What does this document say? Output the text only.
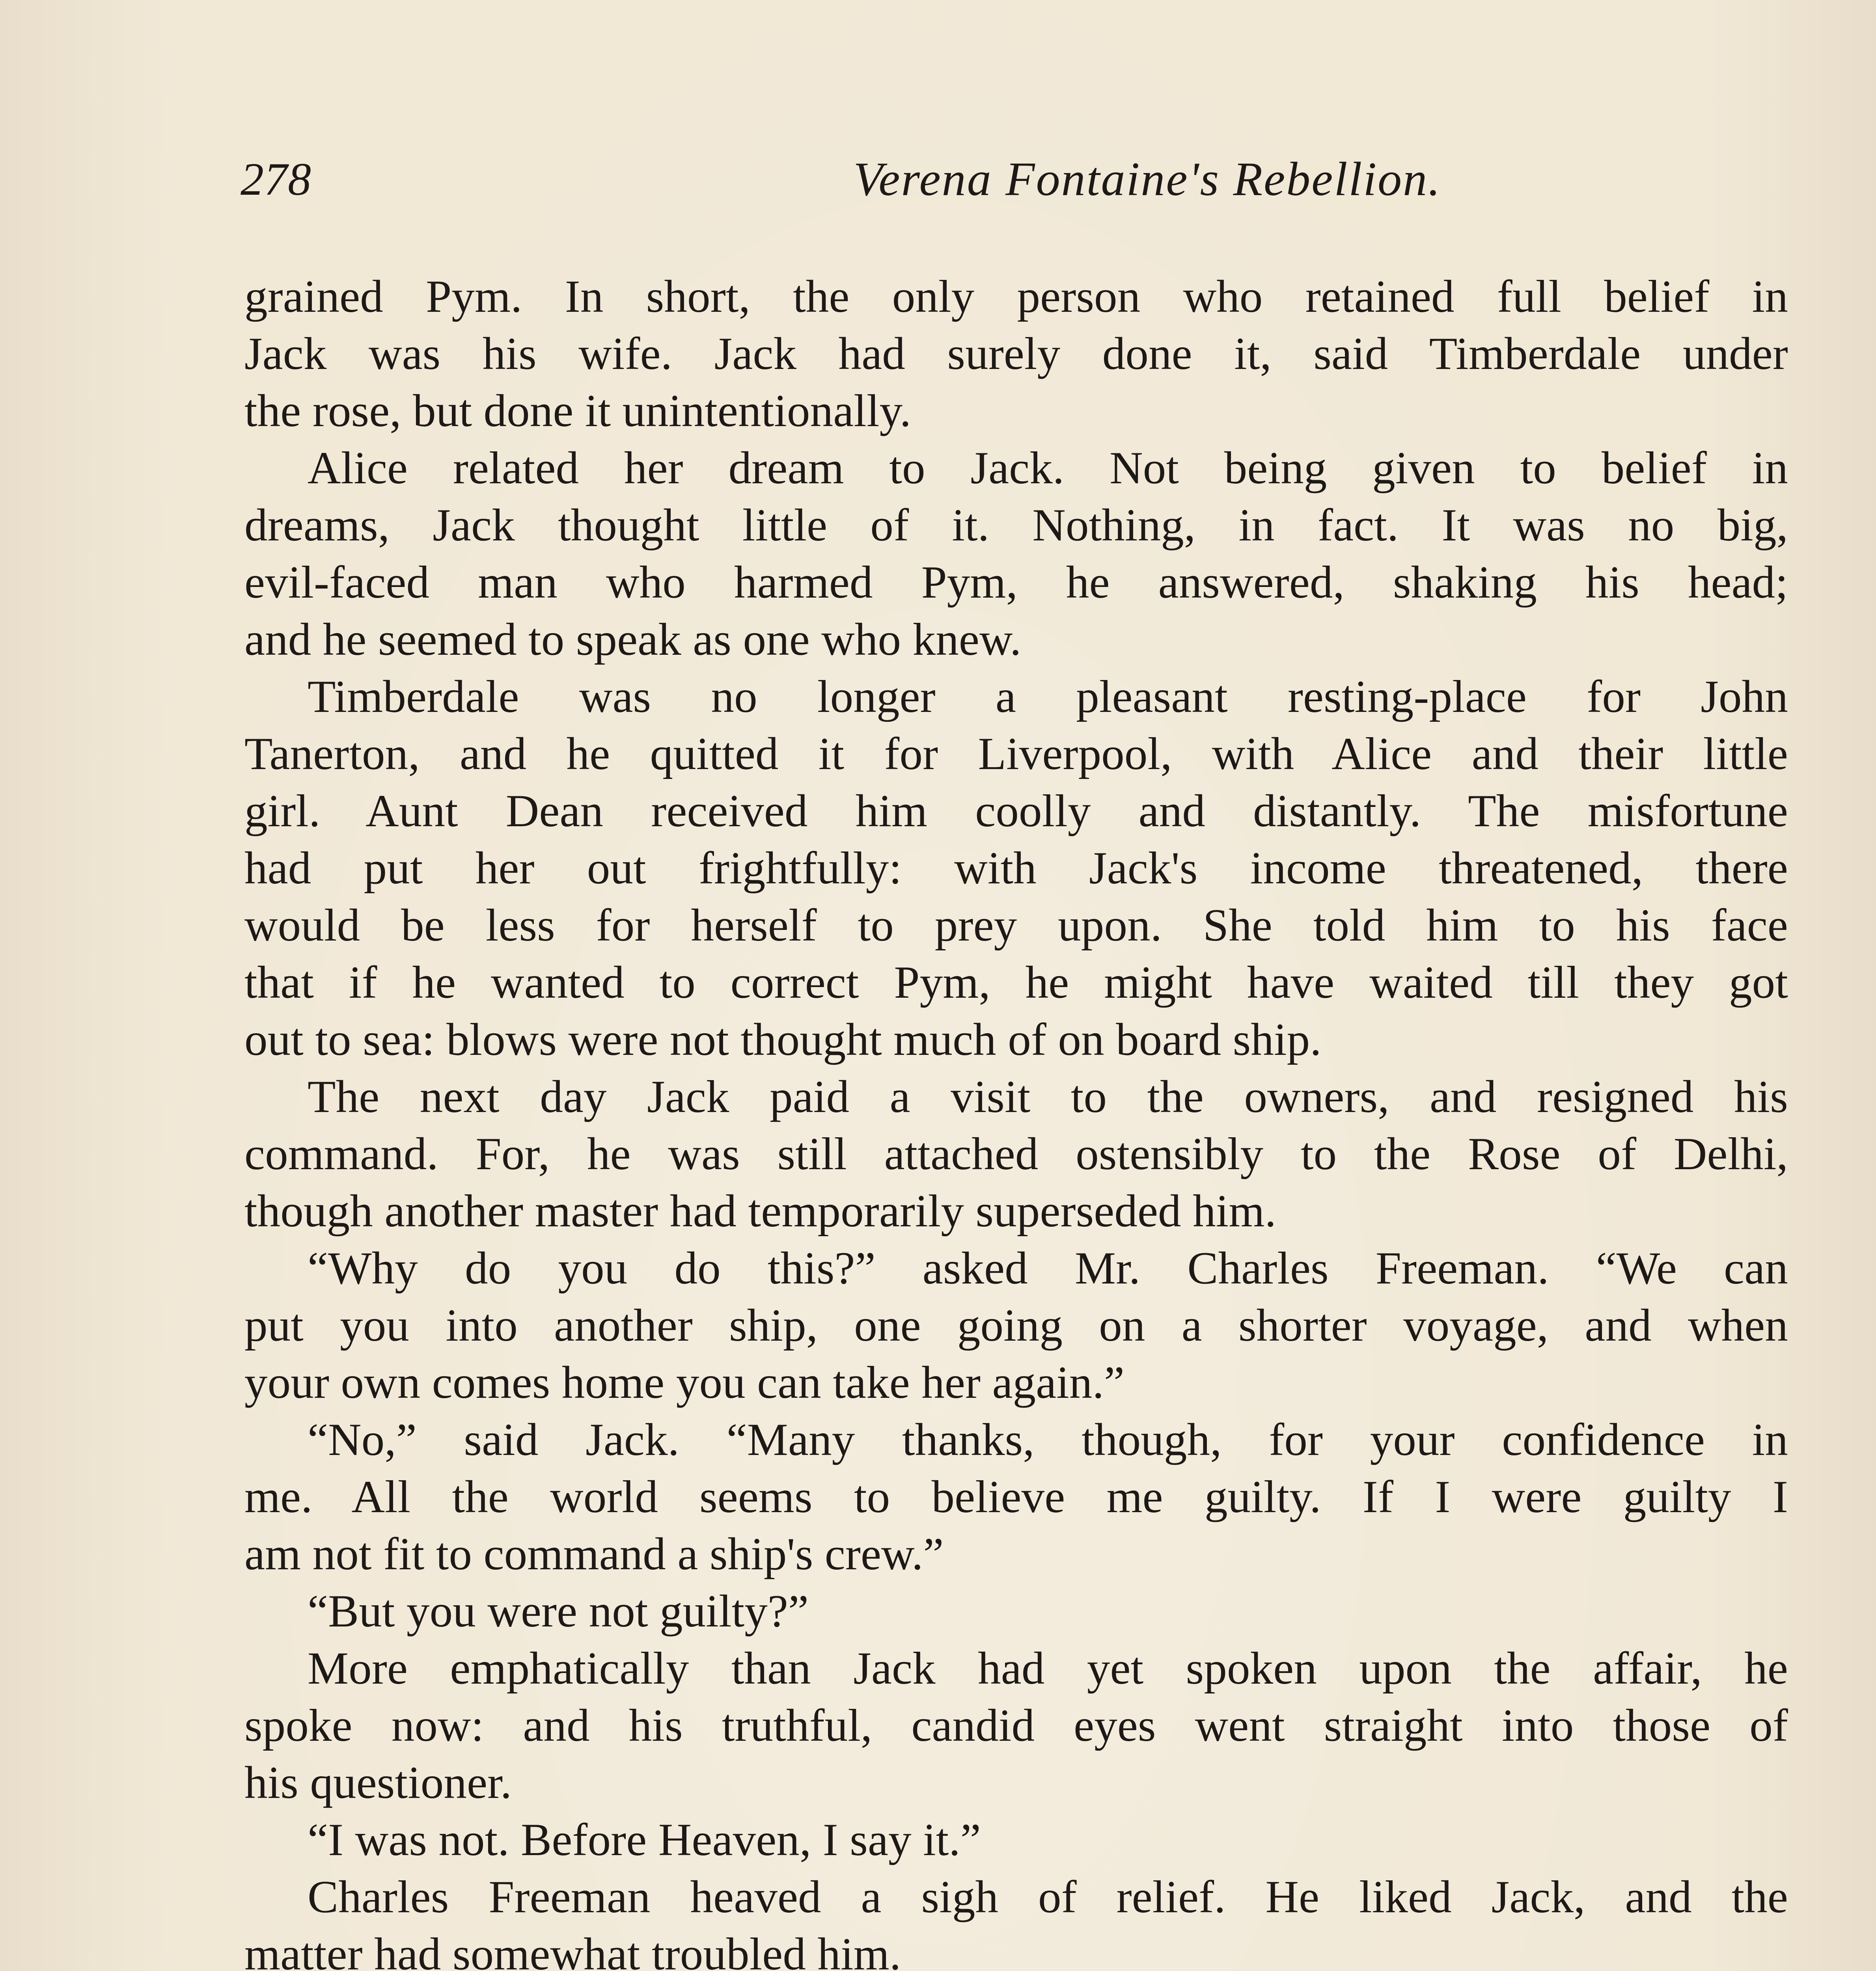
278	Verena Fontaine's Rebellion.
grained Pym. In short, the only person who retained full belief in
Jack was his wife. Jack had surely done it, said Timberdale under
the rose, but done it unintentionally.
Alice related her dream to Jack. Not being given to belief in
dreams, Jack thought little of it. Nothing, in fact. It was no big,
evil-faced man who harmed Pym, he answered, shaking his head;
and he seemed to speak as one who knew.
Timberdale was no longer a pleasant resting-place for John
Tanerton, and he quitted it for Liverpool, with Alice and their little
girl. Aunt Dean received him coolly and distantly. The misfortune
had put her out frightfully: with Jack's income threatened, there
would be less for herself to prey upon. She told him to his face
that if he wanted to correct Pym, he might have waited till they got
out to sea: blows were not thought much of on board ship.
The next day Jack paid a visit to the owners, and resigned his
command. For, he was still attached ostensibly to the Rose of Delhi,
though another master had temporarily superseded him.
“Why do you do this?” asked Mr. Charles Freeman. “We can
put you into another ship, one going on a shorter voyage, and when
your own comes home you can take her again.”
“No,” said Jack. “Many thanks, though, for your confidence in
me. All the world seems to believe me guilty. If I were guilty I
am not fit to command a ship's crew.”
“But you were not guilty?”
More emphatically than Jack had yet spoken upon the affair, he
spoke now: and his truthful, candid eyes went straight into those of
his questioner.
“I was not. Before Heaven, I say it.”
Charles Freeman heaved a sigh of relief. He liked Jack, and the
matter had somewhat troubled him.
